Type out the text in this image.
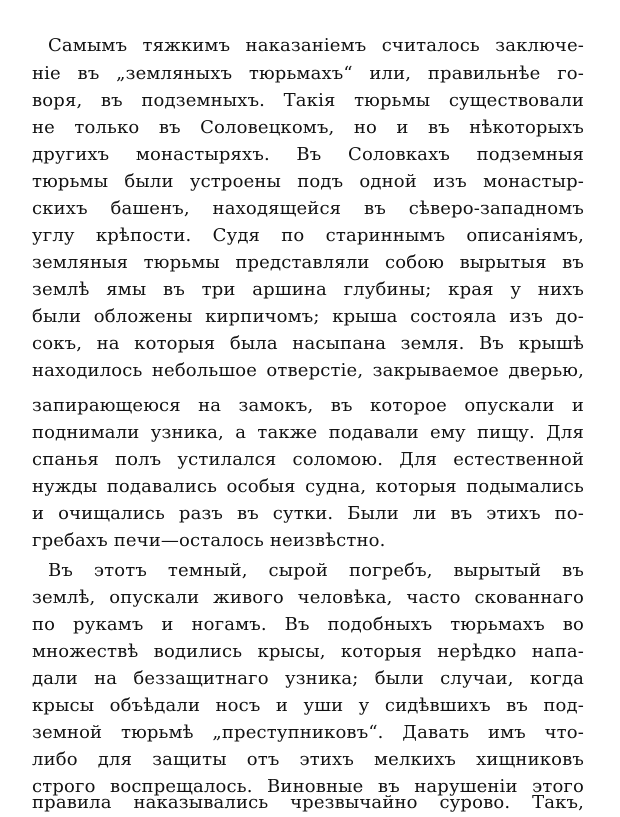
Самымъ тяжкимъ наказанiемъ считалось заключе-
нiе въ „земляныхъ тюрьмахъ“ или, правильнѣе го-
воря, въ подземныхъ. Такiя тюрьмы существовали
не только въ Соловецкомъ, но и въ нѣкоторыхъ
другихъ монастыряхъ. Въ Соловкахъ подземныя
тюрьмы были устроены подъ одной изъ монастыр-
скихъ башенъ, находящейся въ сѣверо-западномъ
углу крѣпости. Судя по стариннымъ описанiямъ,
земляныя тюрьмы представляли собою вырытыя въ
землѣ ямы въ три аршина глубины; края у нихъ
были обложены кирпичомъ; крыша состояла изъ до-
сокъ, на которыя была насыпана земля. Въ крышѣ
находилось небольшое отверстiе, закрываемое дверью,
запирающеюся на замокъ, въ которое опускали и
поднимали узника, а также подавали ему пищу. Для
спанья полъ устилался соломою. Для естественной
нужды подавались особыя судна, которыя подымались
и очищались разъ въ сутки. Были ли въ этихъ по-
гребахъ печи—осталось неизвѣстно.
Въ этотъ темный, сырой погребъ, вырытый въ
землѣ, опускали живого человѣка, часто скованнаго
по рукамъ и ногамъ. Въ подобныхъ тюрьмахъ во
множествѣ водились крысы, которыя нерѣдко напа-
дали на беззащитнаго узника; были случаи, когда
крысы объѣдали носъ и уши у сидѣвшихъ въ под-
земной тюрьмѣ „преступниковъ“. Давать имъ что-
либо для защиты отъ этихъ мелкихъ хищниковъ
строго воспрещалось. Виновные въ нарушенiи этого
правила наказывались чрезвычайно сурово. Такъ,
